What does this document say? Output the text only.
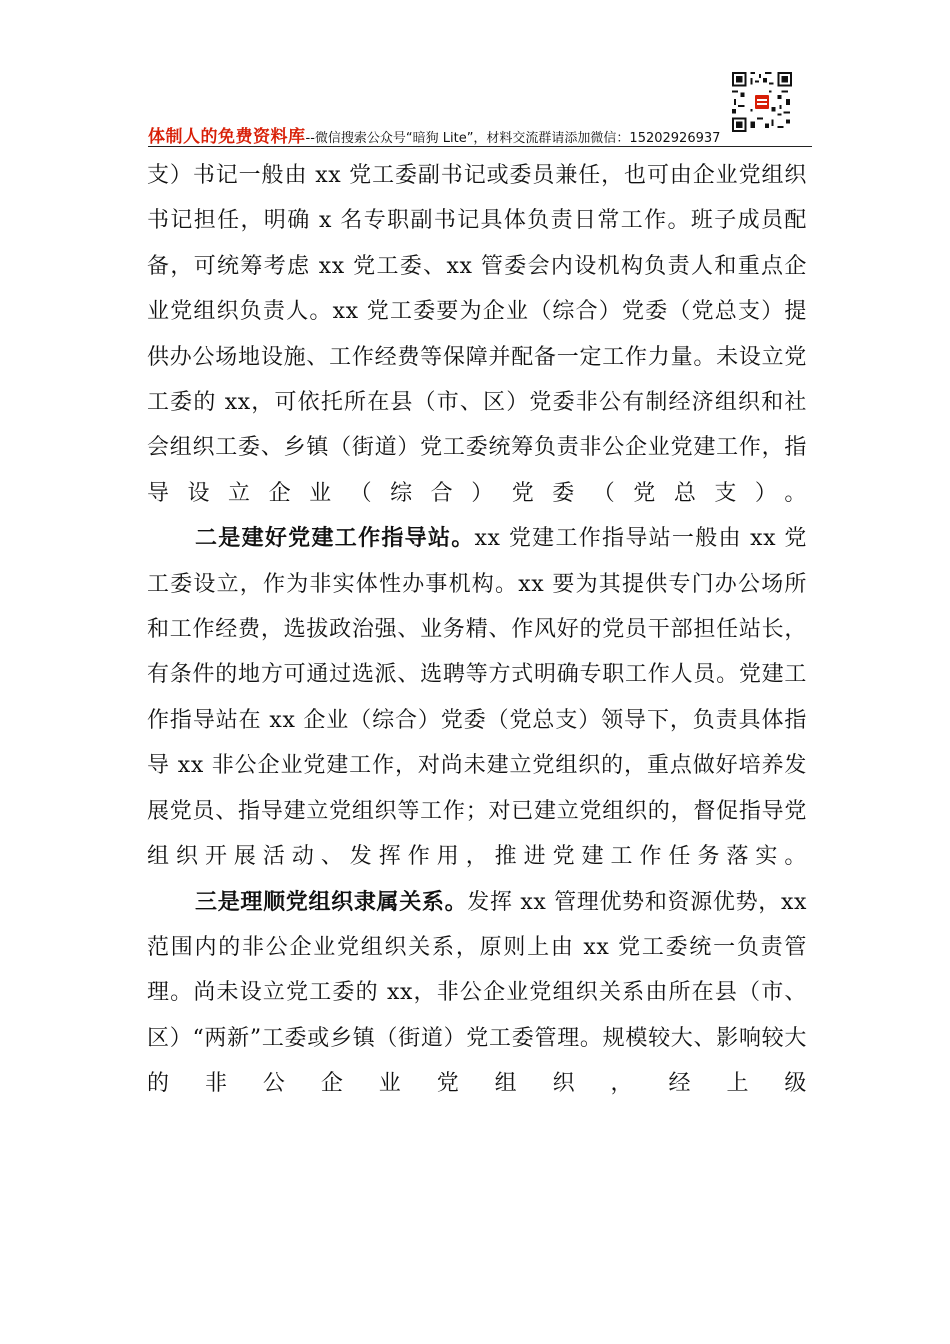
体制人的免费资料库--微信搜索公众号“暗狗 Lite”，材料交流群请添加微信：15202926937

支）书记一般由 xx 党工委副书记或委员兼任，也可由企业党组织书记担任，明确 x 名专职副书记具体负责日常工作。班子成员配备，可统筹考虑 xx 党工委、xx 管委会内设机构负责人和重点企业党组织负责人。xx 党工委要为企业（综合）党委（党总支）提供办公场地设施、工作经费等保障并配备一定工作力量。未设立党工委的 xx，可依托所在县（市、区）党委非公有制经济组织和社会组织工委、乡镇（街道）党工委统筹负责非公企业党建工作，指导设立企业（综合）党委（党总支）。

二是建好党建工作指导站。xx 党建工作指导站一般由 xx 党工委设立，作为非实体性办事机构。xx 要为其提供专门办公场所和工作经费，选拔政治强、业务精、作风好的党员干部担任站长，有条件的地方可通过选派、选聘等方式明确专职工作人员。党建工作指导站在 xx 企业（综合）党委（党总支）领导下，负责具体指导 xx 非公企业党建工作，对尚未建立党组织的，重点做好培养发展党员、指导建立党组织等工作；对已建立党组织的，督促指导党组织开展活动、发挥作用，推进党建工作任务落实。

三是理顺党组织隶属关系。发挥 xx 管理优势和资源优势，xx 范围内的非公企业党组织关系，原则上由 xx 党工委统一负责管理。尚未设立党工委的 xx，非公企业党组织关系由所在县（市、区）“两新”工委或乡镇（街道）党工委管理。规模较大、影响较大的非公企业党组织，经上级
